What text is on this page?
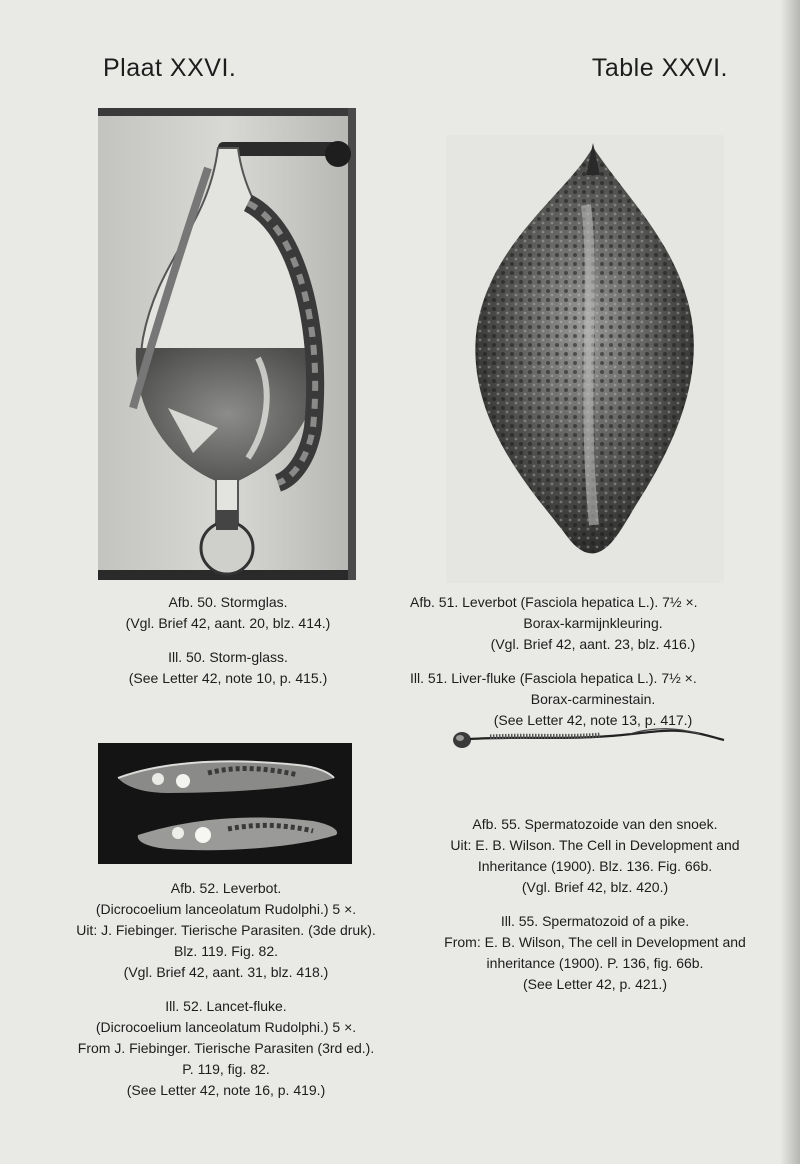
Plaat XXVI.	Table XXVI.
Afb. 50. Stormglas.
(Vgl. Brief 42, aant. 20, blz. 414.)
Ill. 50. Storm-glass.
(See Letter 42, note 10, p. 415.)
Afb. 51. Leverbot (Fasciola hepatica L.). 7½ ×.
Borax-karmijnkleuring.
(Vgl. Brief 42, aant. 23, blz. 416.)
Ill. 51. Liver-fluke (Fasciola hepatica L.). 7½ ×.
Borax-carminestain.
(See Letter 42, note 13, p. 417.)
Afb. 52. Leverbot.
(Dicrocoelium lanceolatum Rudolphi.) 5 ×.
Uit: J. Fiebinger. Tierische Parasiten. (3de druk).
Blz. 119. Fig. 82.
(Vgl. Brief 42, aant. 31, blz. 418.)
Ill. 52. Lancet-fluke.
(Dicrocoelium lanceolatum Rudolphi.) 5 ×.
From J. Fiebinger. Tierische Parasiten (3rd ed.).
P. 119, fig. 82.
(See Letter 42, note 16, p. 419.)
Afb. 55. Spermatozoide van den snoek.
Uit: E. B. Wilson. The Cell in Development and
Inheritance (1900). Blz. 136. Fig. 66b.
(Vgl. Brief 42, blz. 420.)
Ill. 55. Spermatozoid of a pike.
From: E. B. Wilson, The cell in Development and
inheritance (1900). P. 136, fig. 66b.
(See Letter 42, p. 421.)
